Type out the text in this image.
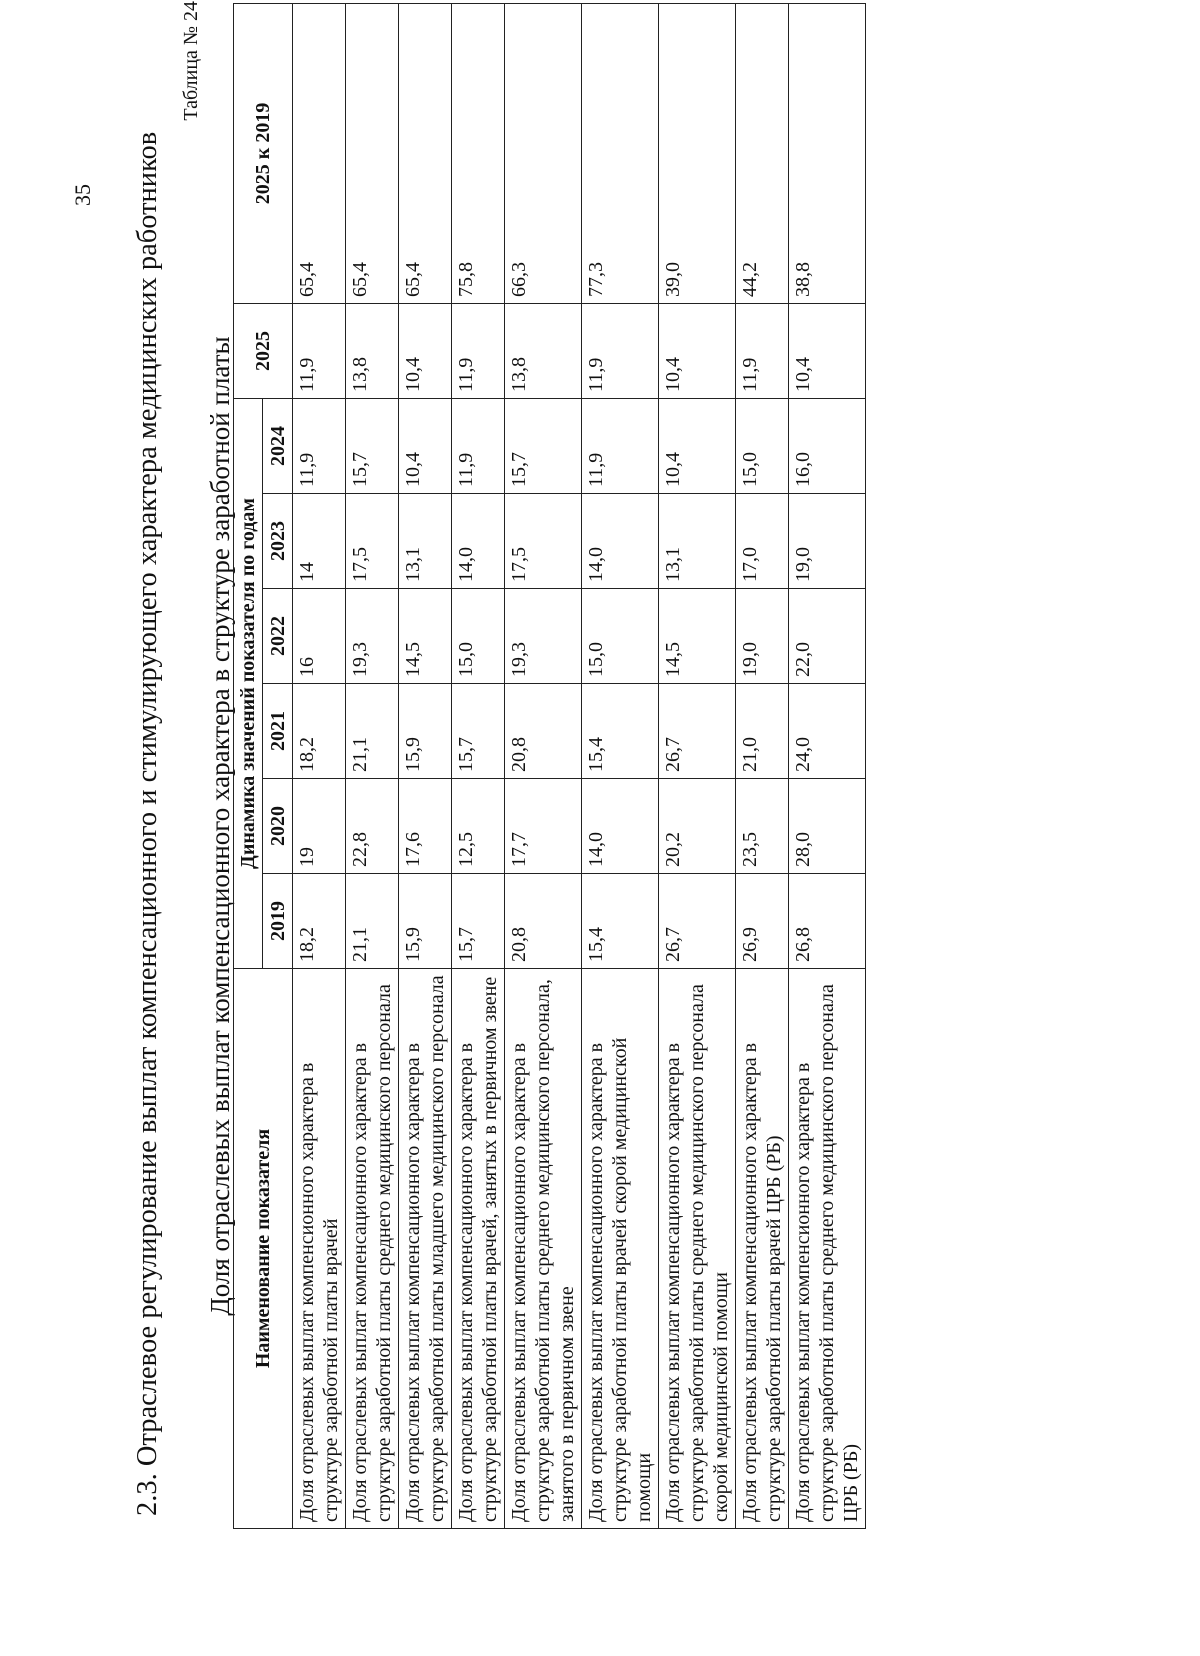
35 2.3. Отраслевое регулирование выплат компенсационного и стимулирующего характера медицинских работников
Таблица № 24
Доля отраслевых выплат компенсационного характера в структуре заработной платы Наименование показателя	Динамика значений показателя по годам						2025	2025 к 2019
	2019	2020	2021	2022	2023	2024		
Доля отраслевых выплат компенсионного характера в структуре заработной платы врачей	18,2	19	18,2	16	14	11,9	11,9	65,4
Доля отраслевых выплат компенсационного характера в структуре заработной платы среднего медицинского персонала	21,1	22,8	21,1	19,3	17,5	15,7	13,8	65,4
Доля отраслевых выплат компенсационного характера в структуре заработной платы младшего медицинского персонала	15,9	17,6	15,9	14,5	13,1	10,4	10,4	65,4
Доля отраслевых выплат компенсационного характера в структуре заработной платы врачей, занятых в первичном звене	15,7	12,5	15,7	15,0	14,0	11,9	11,9	75,8
Доля отраслевых выплат компенсационного характера в структуре заработной платы среднего медицинского персонала, занятого в первичном звене	20,8	17,7	20,8	19,3	17,5	15,7	13,8	66,3
Доля отраслевых выплат компенсационного характера в структуре заработной платы врачей скорой медицинской помощи	15,4	14,0	15,4	15,0	14,0	11,9	11,9	77,3
Доля отраслевых выплат компенсационного характера в структуре заработной платы среднего медицинского персонала скорой медицинской помощи	26,7	20,2	26,7	14,5	13,1	10,4	10,4	39,0
Доля отраслевых выплат компенсационного характера в структуре заработной платы врачей ЦРБ (РБ)	26,9	23,5	21,0	19,0	17,0	15,0	11,9	44,2
Доля отраслевых выплат компенсионного характера в структуре заработной платы среднего медицинского персонала ЦРБ (РБ)	26,8	28,0	24,0	22,0	19,0	16,0	10,4	38,8
